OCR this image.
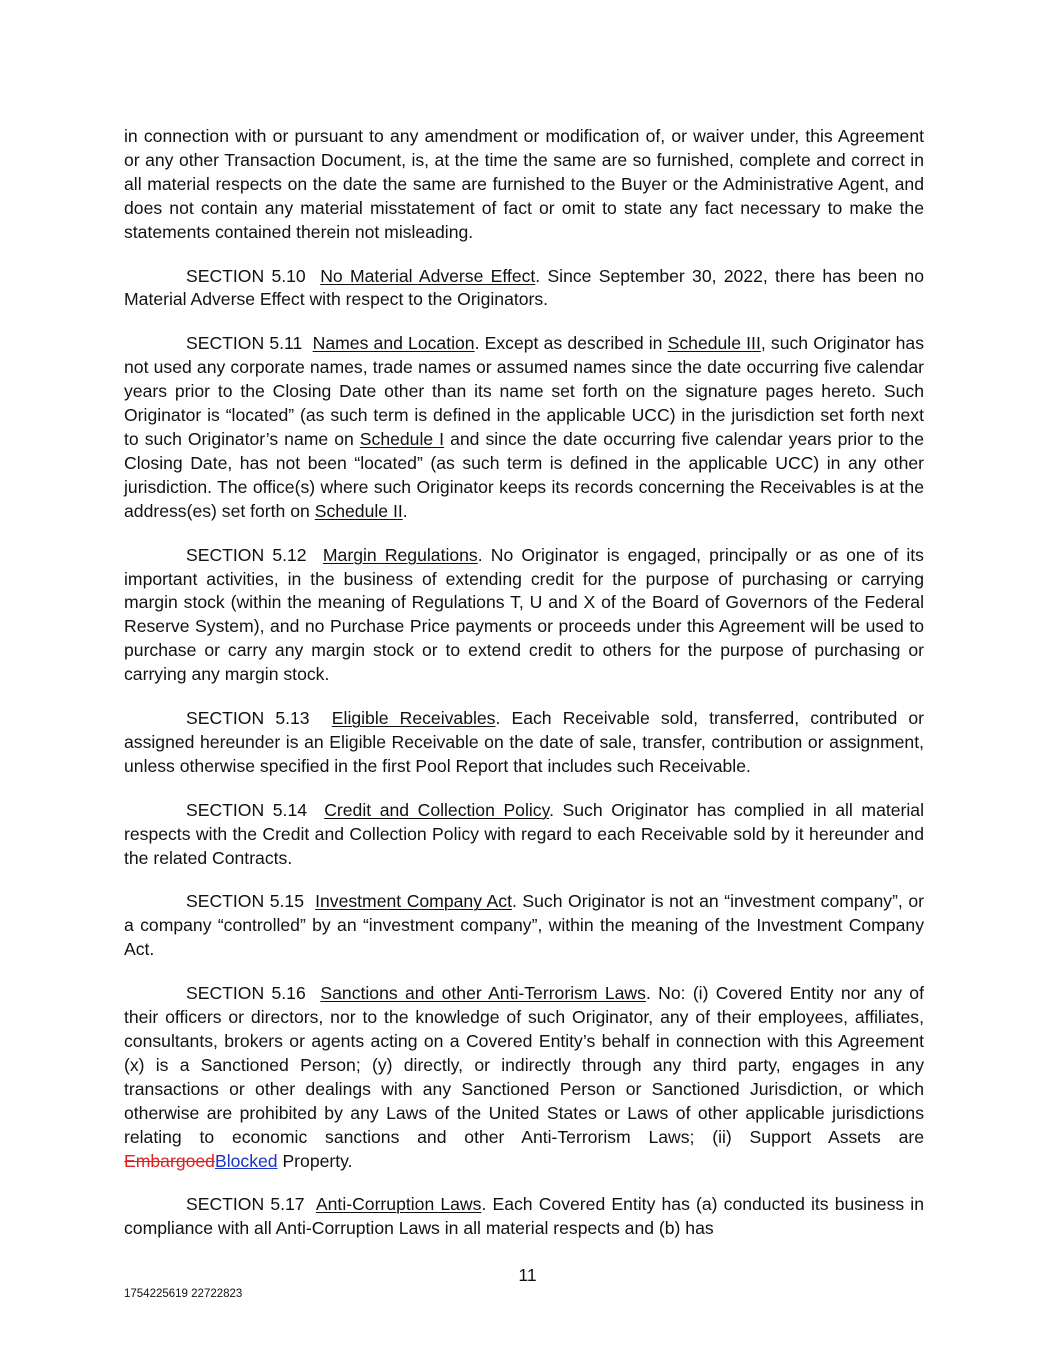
in connection with or pursuant to any amendment or modification of, or waiver under, this Agreement or any other Transaction Document, is, at the time the same are so furnished, complete and correct in all material respects on the date the same are furnished to the Buyer or the Administrative Agent, and does not contain any material misstatement of fact or omit to state any fact necessary to make the statements contained therein not misleading.

SECTION 5.10 No Material Adverse Effect. Since September 30, 2022, there has been no Material Adverse Effect with respect to the Originators.

SECTION 5.11 Names and Location. Except as described in Schedule III, such Originator has not used any corporate names, trade names or assumed names since the date occurring five calendar years prior to the Closing Date other than its name set forth on the signature pages hereto. Such Originator is “located” (as such term is defined in the applicable UCC) in the jurisdiction set forth next to such Originator’s name on Schedule I and since the date occurring five calendar years prior to the Closing Date, has not been “located” (as such term is defined in the applicable UCC) in any other jurisdiction. The office(s) where such Originator keeps its records concerning the Receivables is at the address(es) set forth on Schedule II.

SECTION 5.12 Margin Regulations. No Originator is engaged, principally or as one of its important activities, in the business of extending credit for the purpose of purchasing or carrying margin stock (within the meaning of Regulations T, U and X of the Board of Governors of the Federal Reserve System), and no Purchase Price payments or proceeds under this Agreement will be used to purchase or carry any margin stock or to extend credit to others for the purpose of purchasing or carrying any margin stock.

SECTION 5.13 Eligible Receivables. Each Receivable sold, transferred, contributed or assigned hereunder is an Eligible Receivable on the date of sale, transfer, contribution or assignment, unless otherwise specified in the first Pool Report that includes such Receivable.

SECTION 5.14 Credit and Collection Policy. Such Originator has complied in all material respects with the Credit and Collection Policy with regard to each Receivable sold by it hereunder and the related Contracts.

SECTION 5.15 Investment Company Act. Such Originator is not an “investment company”, or a company “controlled” by an “investment company”, within the meaning of the Investment Company Act.

SECTION 5.16 Sanctions and other Anti-Terrorism Laws. No: (i) Covered Entity nor any of their officers or directors, nor to the knowledge of such Originator, any of their employees, affiliates, consultants, brokers or agents acting on a Covered Entity’s behalf in connection with this Agreement (x) is a Sanctioned Person; (y) directly, or indirectly through any third party, engages in any transactions or other dealings with any Sanctioned Person or Sanctioned Jurisdiction, or which otherwise are prohibited by any Laws of the United States or Laws of other applicable jurisdictions relating to economic sanctions and other Anti-Terrorism Laws; (ii) Support Assets are EmbargoedBlocked Property.

SECTION 5.17 Anti-Corruption Laws. Each Covered Entity has (a) conducted its business in compliance with all Anti-Corruption Laws in all material respects and (b) has

11
1754225619 22722823
